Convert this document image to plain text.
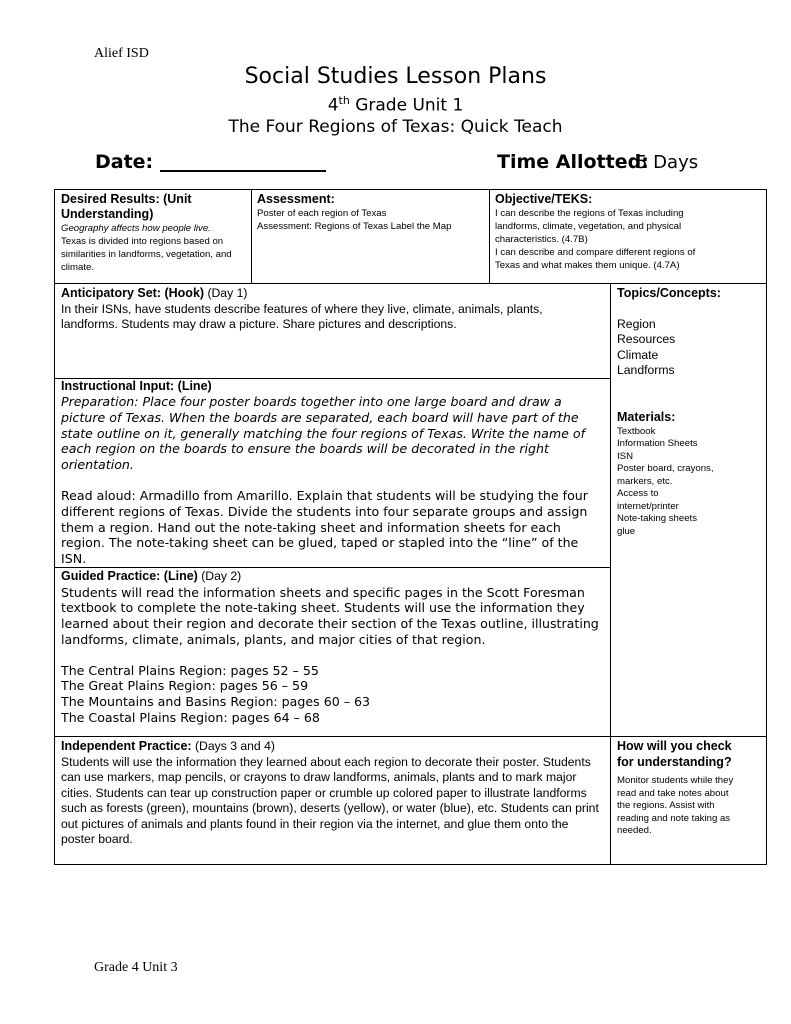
Alief ISD
Social Studies Lesson Plans
4th Grade Unit 1
The Four Regions of Texas: Quick Teach
Date:	Time Allotted:
5 Days
Desired Results: (Unit Understanding)
Geography affects how people live.
Texas is divided into regions based on similarities in landforms, vegetation, and climate.
Assessment:
Poster of each region of Texas
Assessment: Regions of Texas Label the Map
Objective/TEKS:
I can describe the regions of Texas including landforms, climate, vegetation, and physical characteristics. (4.7B)
I can describe and compare different regions of Texas and what makes them unique. (4.7A)
Anticipatory Set: (Hook) (Day 1)
In their ISNs, have students describe features of where they live, climate, animals, plants, landforms. Students may draw a picture. Share pictures and descriptions.
Instructional Input: (Line)
Preparation: Place four poster boards together into one large board and draw a picture of Texas. When the boards are separated, each board will have part of the state outline on it, generally matching the four regions of Texas. Write the name of each region on the boards to ensure the boards will be decorated in the right orientation.
Read aloud: Armadillo from Amarillo. Explain that students will be studying the four different regions of Texas. Divide the students into four separate groups and assign them a region. Hand out the note-taking sheet and information sheets for each region. The note-taking sheet can be glued, taped or stapled into the “line” of the ISN.
Guided Practice: (Line) (Day 2)
Students will read the information sheets and specific pages in the Scott Foresman textbook to complete the note-taking sheet. Students will use the information they learned about their region and decorate their section of the Texas outline, illustrating landforms, climate, animals, plants, and major cities of that region.
The Central Plains Region: pages 52 – 55
The Great Plains Region: pages 56 – 59
The Mountains and Basins Region: pages 60 – 63
The Coastal Plains Region: pages 64 – 68
Independent Practice: (Days 3 and 4)
Students will use the information they learned about each region to decorate their poster. Students can use markers, map pencils, or crayons to draw landforms, animals, plants and to mark major cities. Students can tear up construction paper or crumble up colored paper to illustrate landforms such as forests (green), mountains (brown), deserts (yellow), or water (blue), etc. Students can print out pictures of animals and plants found in their region via the internet, and glue them onto the poster board.
Topics/Concepts:
Region
Resources
Climate
Landforms
Materials:
Textbook
Information Sheets
ISN
Poster board, crayons, markers, etc.
Access to internet/printer
Note-taking sheets
glue
How will you check for understanding?
Monitor students while they read and take notes about the regions. Assist with reading and note taking as needed.
Grade 4 Unit 3
